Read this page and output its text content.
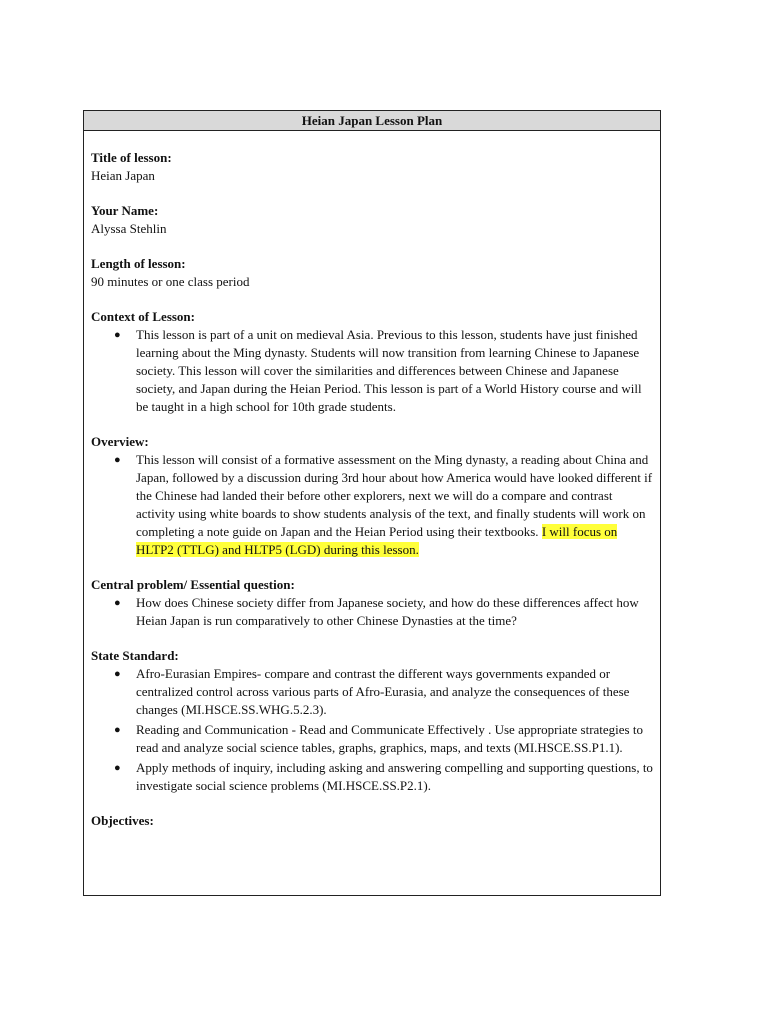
Heian Japan Lesson Plan
Title of lesson:
Heian Japan
Your Name:
Alyssa Stehlin
Length of lesson:
90 minutes or one class period
Context of Lesson:
● This lesson is part of a unit on medieval Asia. Previous to this lesson, students have just finished learning about the Ming dynasty. Students will now transition from learning Chinese to Japanese society. This lesson will cover the similarities and differences between Chinese and Japanese society, and Japan during the Heian Period. This lesson is part of a World History course and will be taught in a high school for 10th grade students.
Overview:
● This lesson will consist of a formative assessment on the Ming dynasty, a reading about China and Japan, followed by a discussion during 3rd hour about how America would have looked different if the Chinese had landed their before other explorers, next we will do a compare and contrast activity using white boards to show students analysis of the text, and finally students will work on completing a note guide on Japan and the Heian Period using their textbooks. I will focus on HLTP2 (TTLG) and HLTP5 (LGD) during this lesson.
Central problem/ Essential question:
● How does Chinese society differ from Japanese society, and how do these differences affect how Heian Japan is run comparatively to other Chinese Dynasties at the time?
State Standard:
● Afro-Eurasian Empires- compare and contrast the different ways governments expanded or centralized control across various parts of Afro-Eurasia, and analyze the consequences of these changes (MI.HSCE.SS.WHG.5.2.3).
● Reading and Communication - Read and Communicate Effectively . Use appropriate strategies to read and analyze social science tables, graphs, graphics, maps, and texts (MI.HSCE.SS.P1.1).
● Apply methods of inquiry, including asking and answering compelling and supporting questions, to investigate social science problems (MI.HSCE.SS.P2.1).
Objectives:
